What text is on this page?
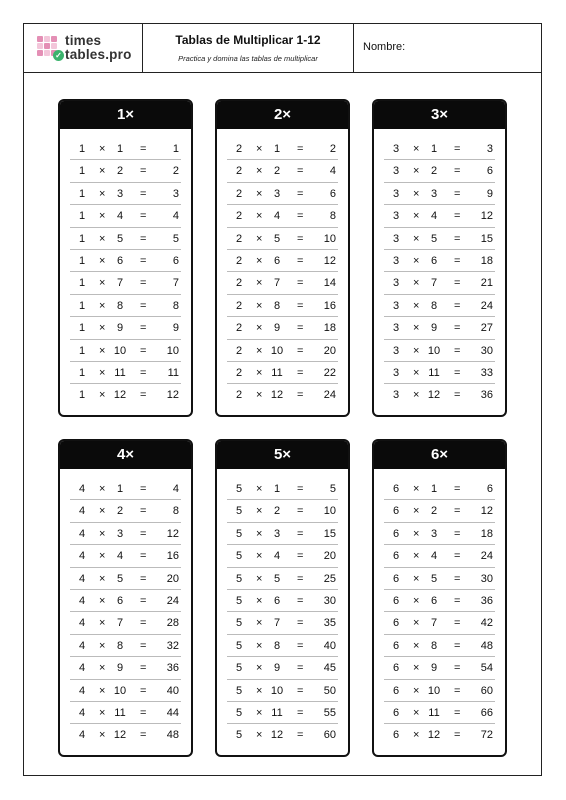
✓
times
tables.pro
Tablas de Multiplicar 1-12
Practica y domina las tablas de multiplicar
Nombre:
1×
1 ×	1	= 1
1 ×	2	= 2
1 ×	3	= 3
1 ×	4	= 4
1 ×	5	= 5
1 ×	6	= 6
1 ×	7	= 7
1 ×	8	= 8
1 ×	9	= 9
1 × 10 = 10
1 × 11 = 11
1 × 12 = 12
2×
2 ×	1	= 2
2 ×	2	= 4
2 ×	3	= 6
2 ×	4	= 8
2 ×	5	= 10
2 ×	6	= 12
2 ×	7	= 14
2 ×	8	= 16
2 ×	9	= 18
2 × 10 = 20
2 × 11 = 22
2 × 12 = 24
3×
3 ×	1	= 3
3 ×	2	= 6
3 ×	3	= 9
3 ×	4	= 12
3 ×	5	= 15
3 ×	6	= 18
3 ×	7	= 21
3 ×	8	= 24
3 ×	9	= 27
3 × 10 = 30
3 × 11 = 33
3 × 12 = 36
4×
4 ×	1	= 4
4 ×	2	= 8
4 ×	3	= 12
4 ×	4	= 16
4 ×	5	= 20
4 ×	6	= 24
4 ×	7	= 28
4 ×	8	= 32
4 ×	9	= 36
4 × 10 = 40
4 × 11 = 44
4 × 12 = 48
5×
5 ×	1	= 5
5 ×	2	= 10
5 ×	3	= 15
5 ×	4	= 20
5 ×	5	= 25
5 ×	6	= 30
5 ×	7	= 35
5 ×	8	= 40
5 ×	9	= 45
5 × 10 = 50
5 × 11 = 55
5 × 12 = 60
6×
6 ×	1	= 6
6 ×	2	= 12
6 ×	3	= 18
6 ×	4	= 24
6 ×	5	= 30
6 ×	6	= 36
6 ×	7	= 42
6 ×	8	= 48
6 ×	9	= 54
6 × 10 = 60
6 × 11 = 66
6 × 12 = 72
